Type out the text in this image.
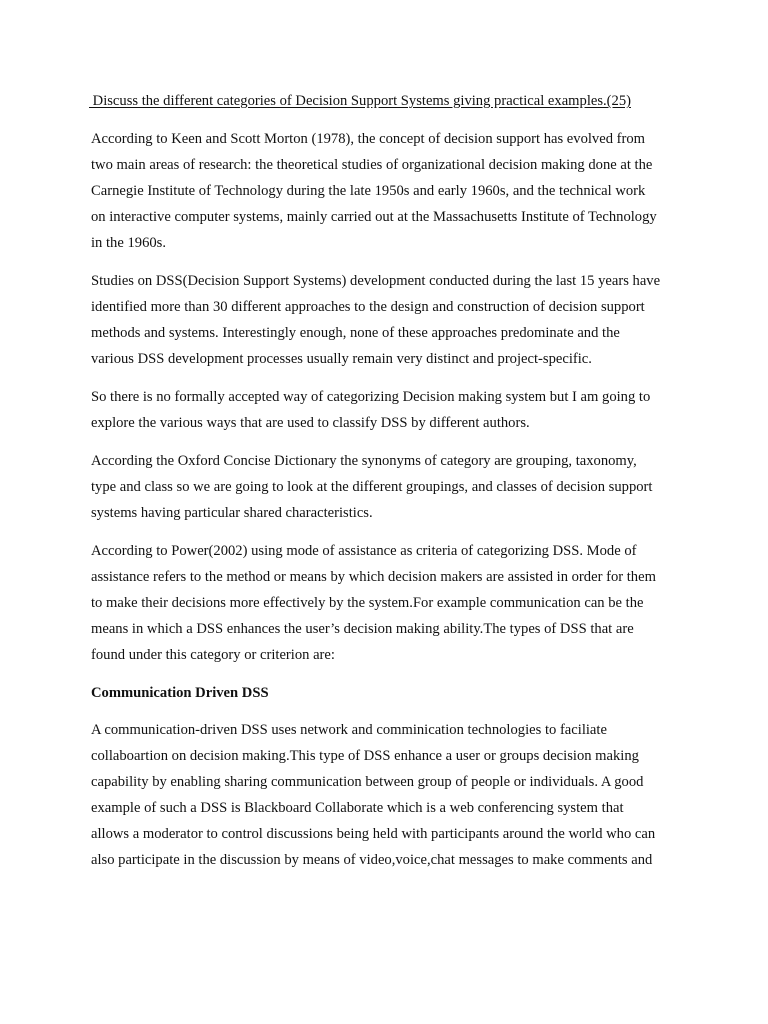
Discuss the different categories of Decision Support Systems giving practical examples.(25)

According to Keen and Scott Morton (1978), the concept of decision support has evolved from
two main areas of research: the theoretical studies of organizational decision making done at the
Carnegie Institute of Technology during the late 1950s and early 1960s, and the technical work
on interactive computer systems, mainly carried out at the Massachusetts Institute of Technology
in the 1960s.

Studies on DSS(Decision Support Systems) development conducted during the last 15 years have
identified more than 30 different approaches to the design and construction of decision support
methods and systems. Interestingly enough, none of these approaches predominate and the
various DSS development processes usually remain very distinct and project-specific.

So there is no formally accepted way of categorizing Decision making system but I am going to
explore the various ways that are used to classify DSS by different authors.

According the Oxford Concise Dictionary the synonyms of category are grouping, taxonomy,
type and class so we are going to look at the different groupings, and classes of decision support
systems having particular shared characteristics.

According to Power(2002) using mode of assistance as criteria of categorizing DSS. Mode of
assistance refers to the method or means by which decision makers are assisted in order for them
to make their decisions more effectively by the system.For example communication can be the
means in which a DSS enhances the user’s decision making ability.The types of DSS that are
found under this category or criterion are:

Communication Driven DSS

A communication-driven DSS uses network and comminication technologies to faciliate
collaboartion on decision making.This type of DSS enhance a user or groups decision making
capability by enabling sharing communication between group of people or individuals. A good
example of such a DSS is Blackboard Collaborate which is a web conferencing system that
allows a moderator to control discussions being held with participants around the world who can
also participate in the discussion by means of video,voice,chat messages to make comments and
